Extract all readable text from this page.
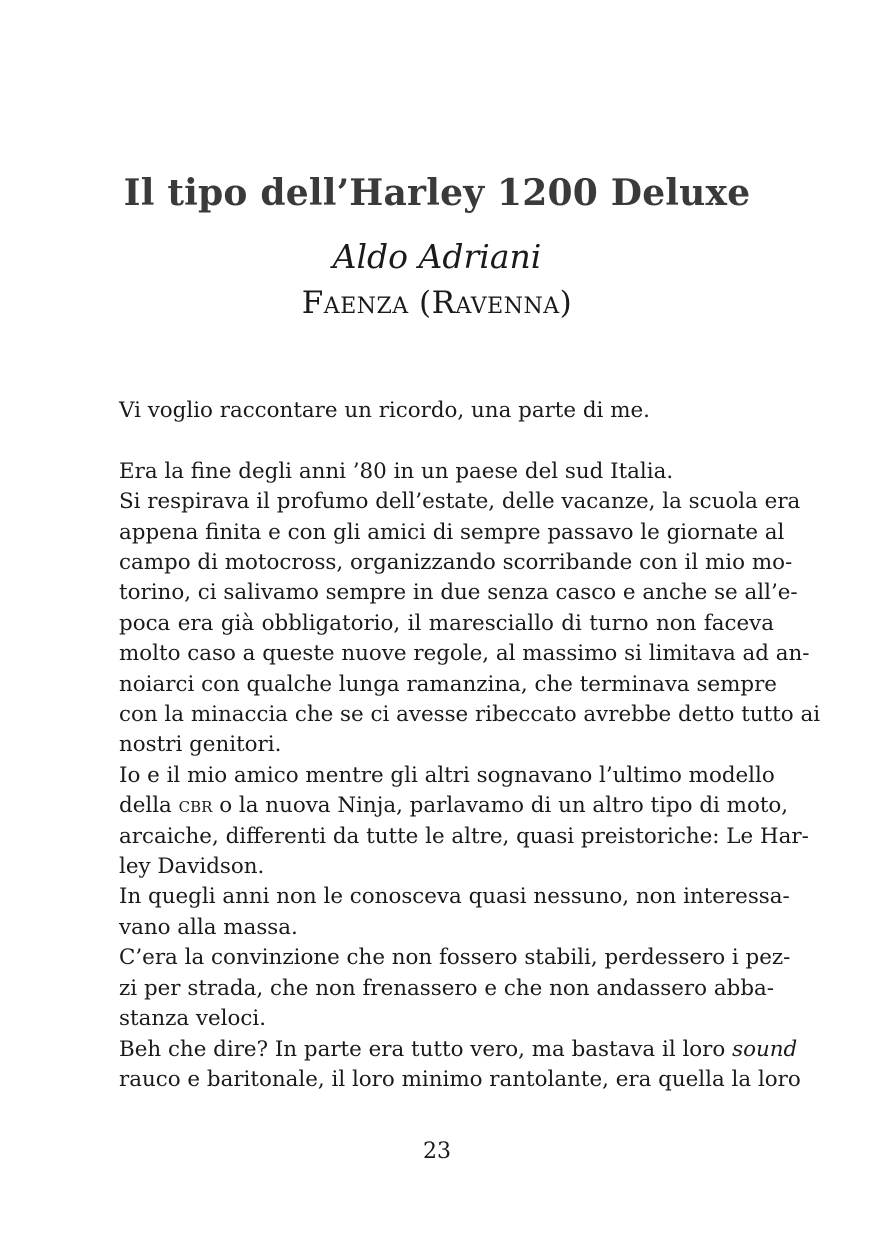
Il tipo dell’Harley 1200 Deluxe
Aldo Adriani
Faenza (Ravenna)

Vi voglio raccontare un ricordo, una parte di me.

Era la fine degli anni ’80 in un paese del sud Italia.

Si respirava il profumo dell’estate, delle vacanze, la scuola era
appena finita e con gli amici di sempre passavo le giornate al
campo di motocross, organizzando scorribande con il mio mo-
torino, ci salivamo sempre in due senza casco e anche se all’e-
poca era già obbligatorio, il maresciallo di turno non faceva
molto caso a queste nuove regole, al massimo si limitava ad an-
noiarci con qualche lunga ramanzina, che terminava sempre
con la minaccia che se ci avesse ribeccato avrebbe detto tutto ai
nostri genitori.

Io e il mio amico mentre gli altri sognavano l’ultimo modello
della cbr o la nuova Ninja, parlavamo di un altro tipo di moto,
arcaiche, differenti da tutte le altre, quasi preistoriche: Le Har-
ley Davidson.

In quegli anni non le conosceva quasi nessuno, non interessa-
vano alla massa.

C’era la convinzione che non fossero stabili, perdessero i pez-
zi per strada, che non frenassero e che non andassero abba-
stanza veloci.

Beh che dire? In parte era tutto vero, ma bastava il loro sound
rauco e baritonale, il loro minimo rantolante, era quella la loro

23
